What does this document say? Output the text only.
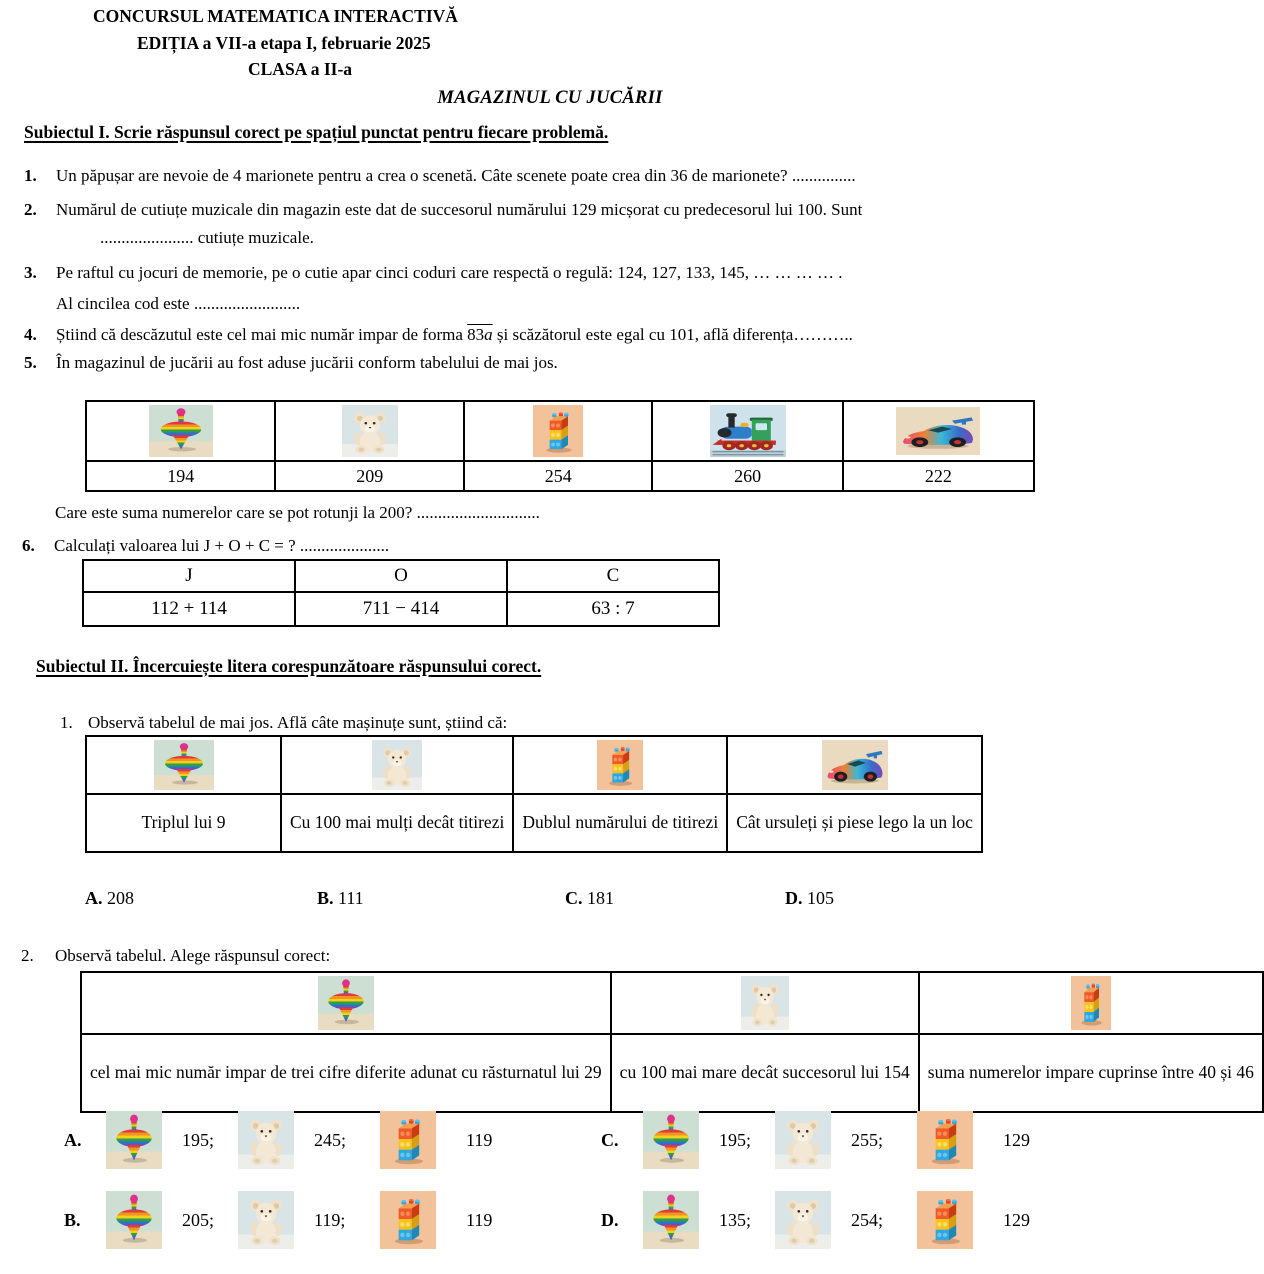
CONCURSUL MATEMATICA INTERACTIVĂ
EDIȚIA a VII-a etapa I, februarie 2025
CLASA a II-a
MAGAZINUL CU JUCĂRII
Subiectul I. Scrie răspunsul corect pe spațiul punctat pentru fiecare problemă.
1.	Un păpușar are nevoie de 4 marionete pentru a crea o scenetă. Câte scenete poate crea din 36 de marionete? ...............
2.	Numărul de cutiuțe muzicale din magazin este dat de succesorul numărului 129 micșorat cu predecesorul lui 100. Sunt
...................... cutiuțe muzicale.
3.	Pe raftul cu jocuri de memorie, pe o cutie apar cinci coduri care respectă o regulă: 124, 127, 133, 145, … … … … .
Al cincilea cod este .........................
4.	Știind că descăzutul este cel mai mic număr impar de forma 83a și scăzătorul este egal cu 101, află diferența………..
5.	În magazinul de jucării au fost aduse jucării conform tabelului de mai jos.

194	209	254	260	222
Care este suma numerelor care se pot rotunji la 200? .............................
6.	Calculați valoarea lui J + O + C = ? .....................
J	O	C
112 + 114	711 − 414	63 : 7
Subiectul II. Încercuiește litera corespunzătoare răspunsului corect.
1. Observă tabelul de mai jos. Află câte mașinuțe sunt, știind că:

Triplul lui 9	Cu 100 mai mulți decât titirezi	Dublul numărului de titirezi	Cât ursuleți și piese lego la un loc
A. 208	B. 111	C. 181	D. 105
2.	Observă tabelul. Alege răspunsul corect:

cel mai mic număr impar de trei cifre diferite adunat cu răsturnatul lui 29	cu 100 mai mare decât succesorul lui 154	suma numerelor impare cuprinse între 40 și 46
A.	195;	245;	119	C.	195;	255;	129
B.	205;	119;	119	D.	135;	254;	129
